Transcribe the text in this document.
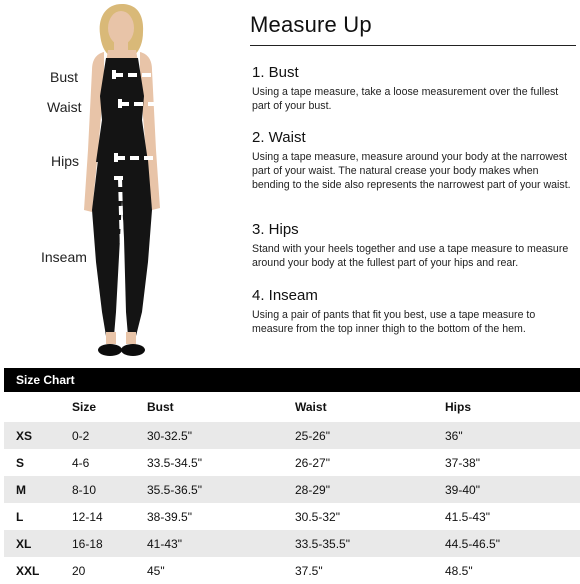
Bust
Waist
Hips
Inseam
Measure Up
1. Bust

Using a tape measure, take a loose measurement over the fullest part of your bust.

2. Waist

Using a tape measure, measure around your body at the narrowest part of your waist. The natural crease your body makes when bending to the side also represents the narrowest part of your waist.

3. Hips

Stand with your heels together and use a tape measure to measure around your body at the fullest part of your hips and rear.

4. Inseam

Using a pair of pants that fit you best, use a tape measure to measure from the top inner thigh to the bottom of the hem.

Size Chart
	Size	Bust	Waist	Hips
XS	0-2	30-32.5"	25-26"	36"
S	4-6	33.5-34.5"	26-27"	37-38"
M	8-10	35.5-36.5"	28-29"	39-40"
L	12-14	38-39.5"	30.5-32"	41.5-43"
XL	16-18	41-43"	33.5-35.5"	44.5-46.5"
XXL	20	45"	37.5"	48.5"
